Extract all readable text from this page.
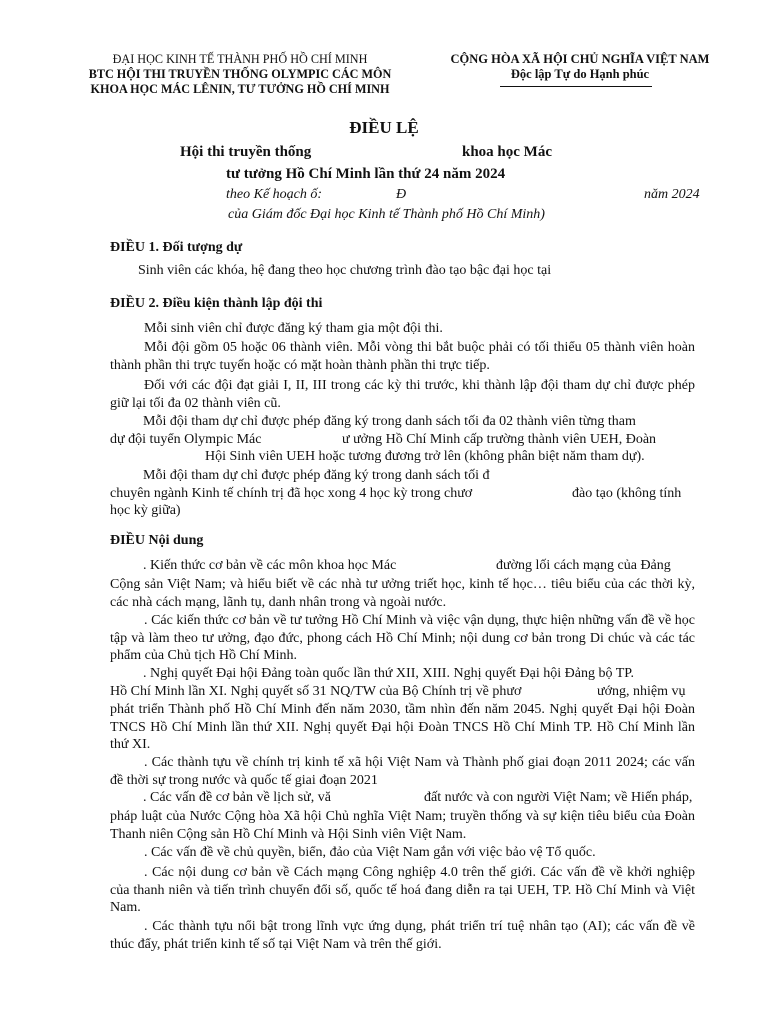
ĐẠI HỌC KINH TẾ THÀNH PHỐ HỒ CHÍ MINH
BTC HỘI THI TRUYỀN THỐNG OLYMPIC CÁC MÔN
KHOA HỌC MÁC LÊNIN, TƯ TƯỞNG HỒ CHÍ MINH
CỘNG HÒA XÃ HỘI CHỦ NGHĨA VIỆT NAM
Độc lập Tự do Hạnh phúc
ĐIỀU LỆ
Hội thi truyền thống	khoa học Mác
tư tưởng Hồ Chí Minh lần thứ 24 năm 2024
theo Kế hoạch ố:	Đ	năm 2024
của Giám đốc Đại học Kinh tế Thành phố Hồ Chí Minh)
ĐIỀU 1. Đối tượng dự
Sinh viên các khóa, hệ đang theo học chương trình đào tạo bậc đại học tại
ĐIỀU 2. Điều kiện thành lập đội thi
Mỗi sinh viên chỉ được đăng ký tham gia một đội thi.
Mỗi đội gồm 05 hoặc 06 thành viên. Mỗi vòng thi bắt buộc phải có tối thiểu 05 thành viên hoàn thành phần thi trực tuyến hoặc có mặt hoàn thành phần thi trực tiếp.
Đối với các đội đạt giải I, II, III trong các kỳ thi trước, khi thành lập đội tham dự chỉ được phép giữ lại tối đa 02 thành viên cũ.
Mỗi đội tham dự chỉ được phép đăng ký trong danh sách tối đa 02 thành viên từng tham
dự đội tuyển Olympic Mác	ư ưởng Hồ Chí Minh cấp trường thành viên UEH, Đoàn
Hội Sinh viên UEH hoặc tương đương trở lên (không phân biệt năm tham dự).
Mỗi đội tham dự chỉ được phép đăng ký trong danh sách tối đ
chuyên ngành Kinh tế chính trị đã học xong 4 học kỳ trong chươ	đào tạo (không tính
học kỳ giữa)
ĐIỀU Nội dung
. Kiến thức cơ bản về các môn khoa học Mác	đường lối cách mạng của Đảng
Cộng sản Việt Nam; và hiểu biết về các nhà tư ưởng triết học, kinh tế học… tiêu biểu của các thời kỳ, các nhà cách mạng, lãnh tụ, danh nhân trong và ngoài nước.
. Các kiến thức cơ bản về tư tưởng Hồ Chí Minh và việc vận dụng, thực hiện những vấn đề về học tập và làm theo tư ưởng, đạo đức, phong cách Hồ Chí Minh; nội dung cơ bản trong Di chúc và các tác phẩm của Chủ tịch Hồ Chí Minh.
. Nghị quyết Đại hội Đảng toàn quốc lần thứ XII, XIII. Nghị quyết Đại hội Đảng bộ TP.
Hồ Chí Minh lần XI. Nghị quyết số 31 NQ/TW của Bộ Chính trị về phươ	ướng, nhiệm vụ
phát triển Thành phố Hồ Chí Minh đến năm 2030, tầm nhìn đến năm 2045. Nghị quyết Đại hội Đoàn TNCS Hồ Chí Minh lần thứ XII. Nghị quyết Đại hội Đoàn TNCS Hồ Chí Minh TP. Hồ Chí Minh lần thứ XI.
. Các thành tựu về chính trị kinh tế xã hội Việt Nam và Thành phố giai đoạn 2011 2024; các vấn đề thời sự trong nước và quốc tế giai đoạn 2021
. Các vấn đề cơ bản về lịch sử, vă	đất nước và con người Việt Nam; về Hiến pháp,
pháp luật của Nước Cộng hòa Xã hội Chủ nghĩa Việt Nam; truyền thống và sự kiện tiêu biểu của Đoàn Thanh niên Cộng sản Hồ Chí Minh và Hội Sinh viên Việt Nam.
. Các vấn đề về chủ quyền, biển, đảo của Việt Nam gắn với việc bảo vệ Tổ quốc.
. Các nội dung cơ bản về Cách mạng Công nghiệp 4.0 trên thế giới. Các vấn đề về khởi nghiệp của thanh niên và tiến trình chuyển đổi số, quốc tế hoá đang diễn ra tại UEH, TP. Hồ Chí Minh và Việt Nam.
. Các thành tựu nổi bật trong lĩnh vực ứng dụng, phát triển trí tuệ nhân tạo (AI); các vấn đề về thúc đẩy, phát triển kinh tế số tại Việt Nam và trên thế giới.
